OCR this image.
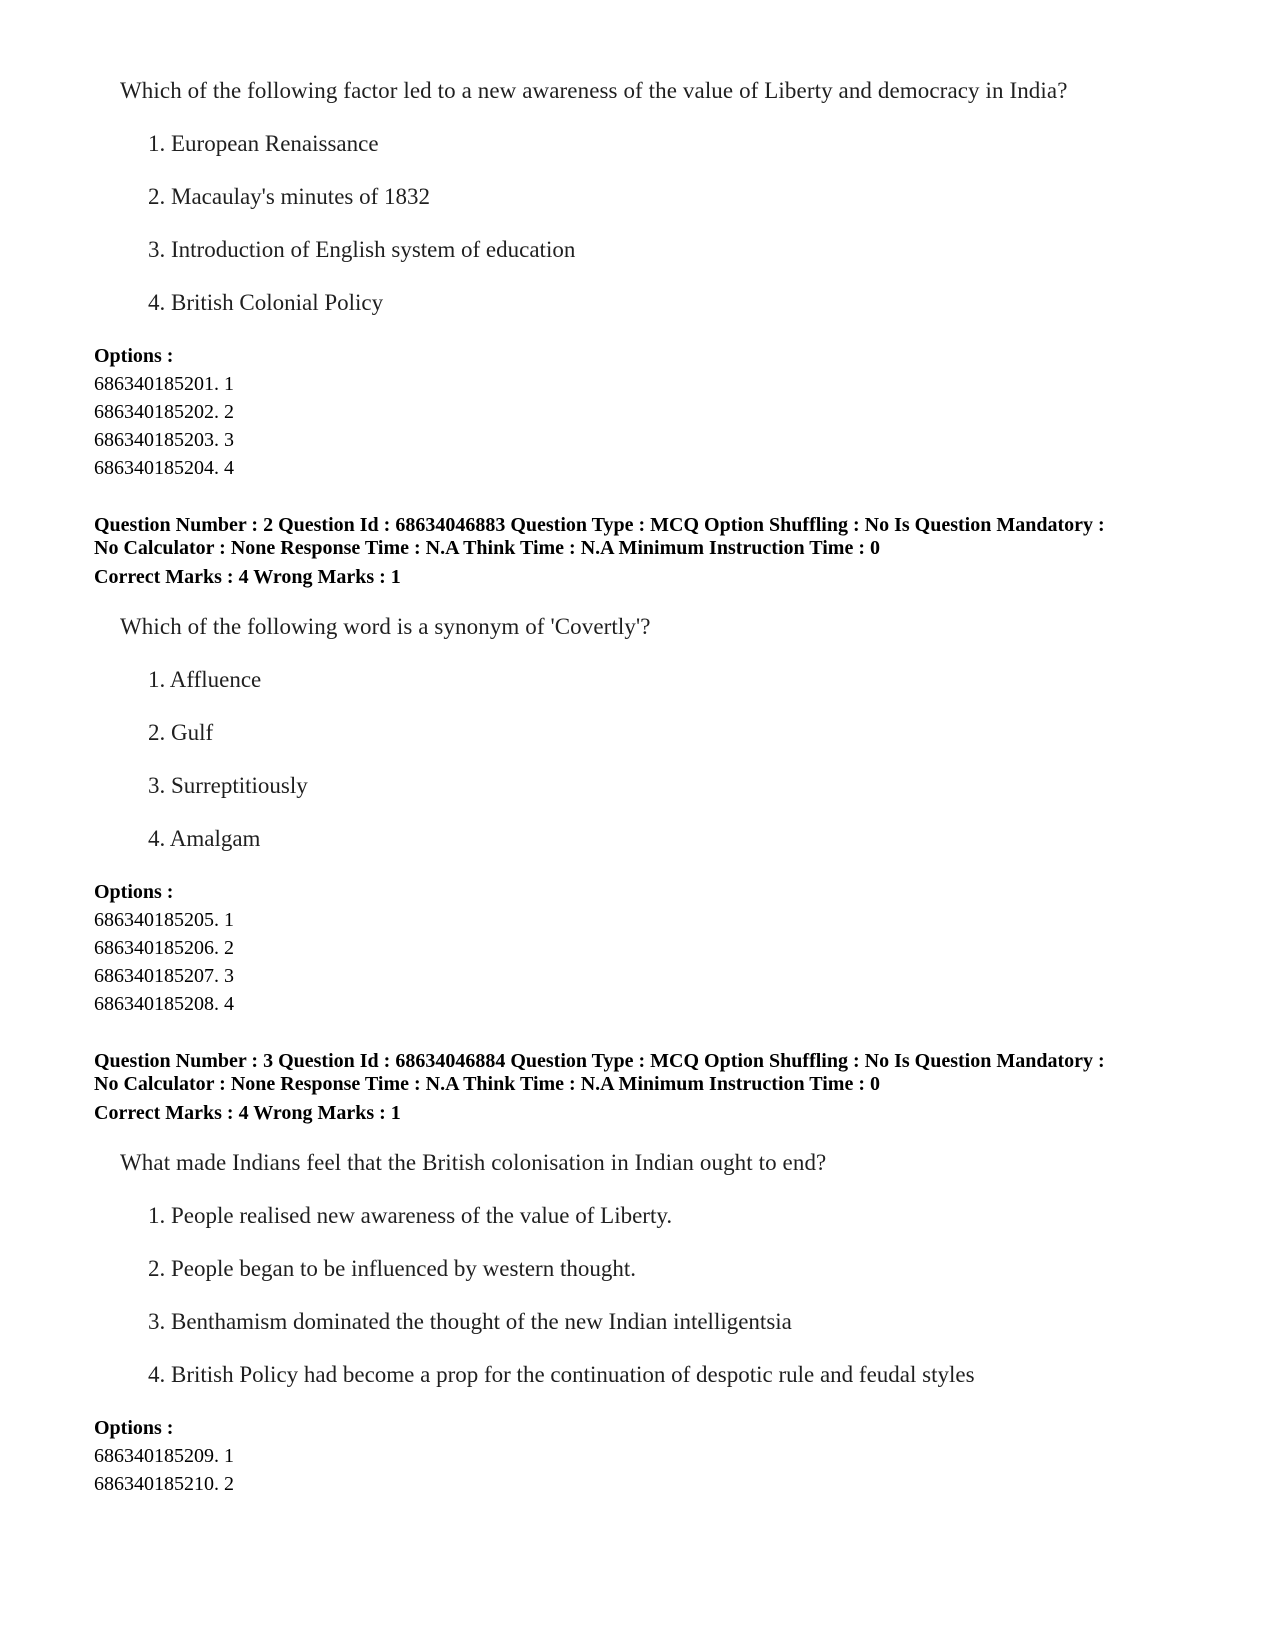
Which of the following factor led to a new awareness of the value of Liberty and democracy in India?
1. European Renaissance
2. Macaulay's minutes of 1832
3. Introduction of English system of education
4. British Colonial Policy
Options :
686340185201. 1
686340185202. 2
686340185203. 3
686340185204. 4
Question Number : 2 Question Id : 68634046883 Question Type : MCQ Option Shuffling : No Is Question Mandatory :
No Calculator : None Response Time : N.A Think Time : N.A Minimum Instruction Time : 0
Correct Marks : 4 Wrong Marks : 1
Which of the following word is a synonym of 'Covertly'?
1. Affluence
2. Gulf
3. Surreptitiously
4. Amalgam
Options :
686340185205. 1
686340185206. 2
686340185207. 3
686340185208. 4
Question Number : 3 Question Id : 68634046884 Question Type : MCQ Option Shuffling : No Is Question Mandatory :
No Calculator : None Response Time : N.A Think Time : N.A Minimum Instruction Time : 0
Correct Marks : 4 Wrong Marks : 1
What made Indians feel that the British colonisation in Indian ought to end?
1. People realised new awareness of the value of Liberty.
2. People began to be influenced by western thought.
3. Benthamism dominated the thought of the new Indian intelligentsia
4. British Policy had become a prop for the continuation of despotic rule and feudal styles
Options :
686340185209. 1
686340185210. 2
